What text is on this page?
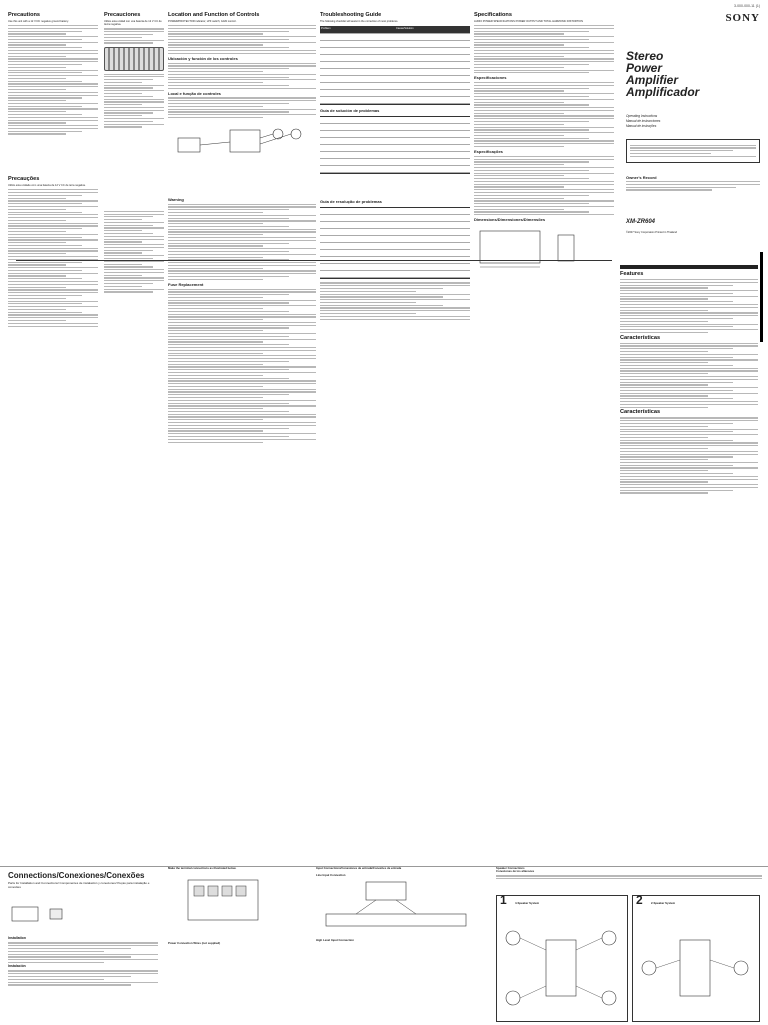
3-000-000-11 (1)
Precautions
Use this unit with a 12 V DC negative ground battery.
Precauções
Utilize esta unidade com uma bateria de 12 V CC de terra negativa.
Precauciones
Utilice esta unidad con una batería de 12 V CC de tierra negativa.
Location and Function of Controls
POWER/PROTECTOR indicator; LPF switch; GAIN control.
Ubicación y función de los controles
Local e função de controles
Warning
Fuse Replacement
Troubleshooting Guide
The following checklist will assist in the correction of most problems.
Problem	Cause/Solution
Guía de solución de problemas
Guia de resolução de problemas
Specifications
AUDIO POWER SPECIFICATIONS POWER OUTPUT AND TOTAL HARMONIC DISTORTION
Especificaciones
Especificações
Dimensions/Dimensiones/Dimensões
Features
Características
Características
SONY
Stereo
Power
Amplifier
Amplificador
Operating Instructions
Manual de instrucciones
Manual de instruções
Owner's Record
XM-ZR604
©2007 Sony Corporation Printed in Thailand
Connections/Conexiones/Conexões
Parts for Installation and Connections/ Componentes de instalación y conexiones/ Peças para instalação e conexões
Installation
Instalación
Make the terminal connections as illustrated below.
Power Connection Wires (not supplied)
Input Connections/Conexiones de entrada/Conexões de entrada
Line Input Connection
High Level Input Connection
Speaker Connections
Conexiones de los altavoces
1	4-Speaker System	2	2-Speaker System
